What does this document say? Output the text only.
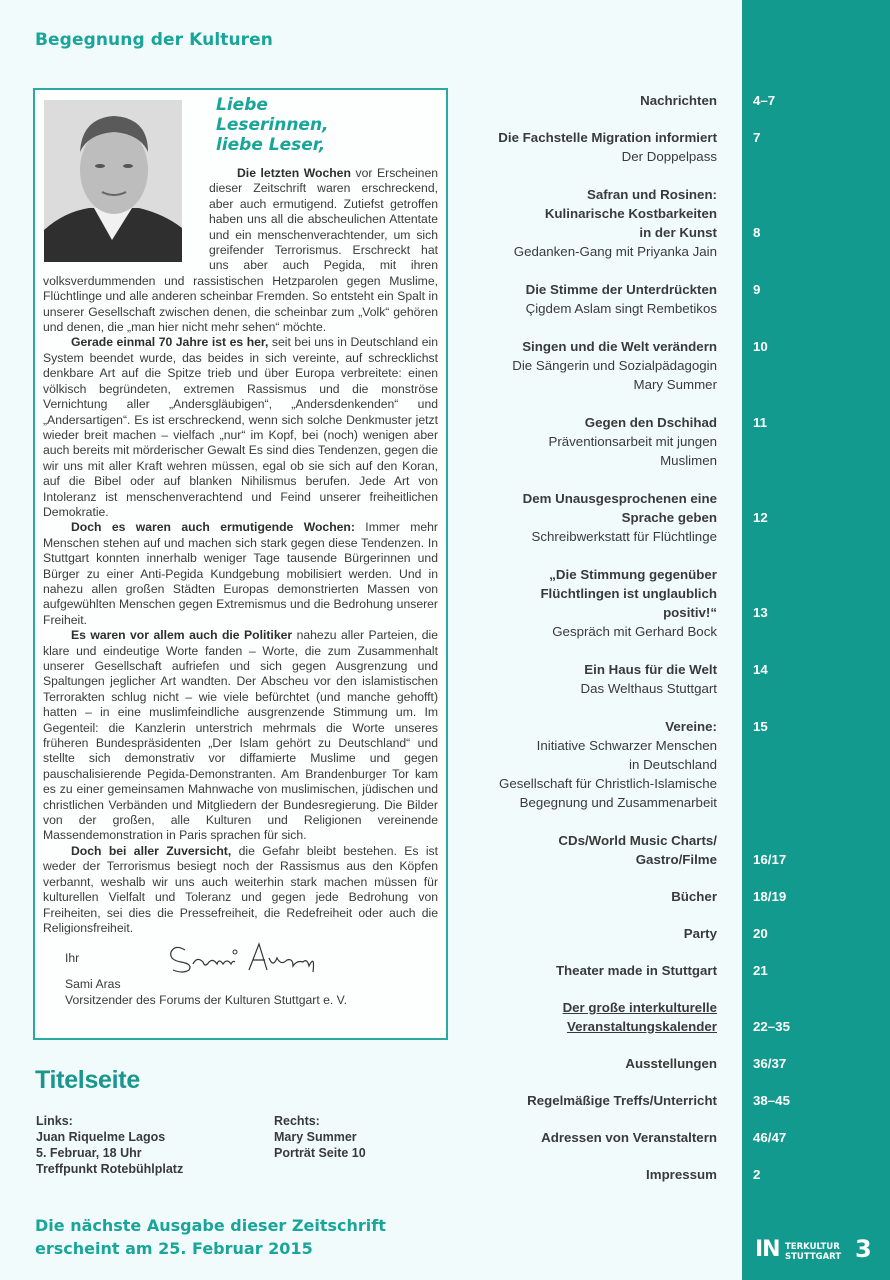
Begegnung der Kulturen
Liebe
Leserinnen,
liebe Leser,

Die letzten Wochen vor Erscheinen dieser Zeitschrift waren erschreckend, aber auch ermutigend. Zutiefst getroffen haben uns all die abscheulichen Attentate und ein menschenverachtender, um sich greifender Terrorismus. Erschreckt hat uns aber auch Pegida, mit ihren volksverdummenden und rassistischen Hetzparolen gegen Muslime, Flüchtlinge und alle anderen scheinbar Fremden. So entsteht ein Spalt in unserer Gesellschaft zwischen denen, die scheinbar zum „Volk“ gehören und denen, die „man hier nicht mehr sehen“ möchte.

Gerade einmal 70 Jahre ist es her, seit bei uns in Deutschland ein System beendet wurde, das beides in sich vereinte, auf schrecklichst denkbare Art auf die Spitze trieb und über Europa verbreitete: einen völkisch begründeten, extremen Rassismus und die monströse Vernichtung aller „Andersgläubigen“, „Andersdenkenden“ und „Andersartigen“. Es ist erschreckend, wenn sich solche Denkmuster jetzt wieder breit machen – vielfach „nur“ im Kopf, bei (noch) wenigen aber auch bereits mit mörderischer Gewalt Es sind dies Tendenzen, gegen die wir uns mit aller Kraft wehren müssen, egal ob sie sich auf den Koran, auf die Bibel oder auf blanken Nihilismus berufen. Jede Art von Intoleranz ist menschenverachtend und Feind unserer freiheitlichen Demokratie.

Doch es waren auch ermutigende Wochen: Immer mehr Menschen stehen auf und machen sich stark gegen diese Tendenzen. In Stuttgart konnten innerhalb weniger Tage tausende Bürgerinnen und Bürger zu einer Anti-Pegida Kundgebung mobilisiert werden. Und in nahezu allen großen Städten Europas demonstrierten Massen von aufgewühlten Menschen gegen Extremismus und die Bedrohung unserer Freiheit.

Es waren vor allem auch die Politiker nahezu aller Parteien, die klare und eindeutige Worte fanden – Worte, die zum Zusammenhalt unserer Gesellschaft aufriefen und sich gegen Ausgrenzung und Spaltungen jeglicher Art wandten. Der Abscheu vor den islamistischen Terrorakten schlug nicht – wie viele befürchtet (und manche gehofft) hatten – in eine muslimfeindliche ausgrenzende Stimmung um. Im Gegenteil: die Kanzlerin unterstrich mehrmals die Worte unseres früheren Bundespräsidenten „Der Islam gehört zu Deutschland“ und stellte sich demonstrativ vor diffamierte Muslime und gegen pauschalisierende Pegida-Demonstranten. Am Brandenburger Tor kam es zu einer gemeinsamen Mahnwache von muslimischen, jüdischen und christlichen Verbänden und Mitgliedern der Bundesregierung. Die Bilder von der großen, alle Kulturen und Religionen vereinende Massendemonstration in Paris sprachen für sich.

Doch bei aller Zuversicht, die Gefahr bleibt bestehen. Es ist weder der Terrorismus besiegt noch der Rassismus aus den Köpfen verbannt, weshalb wir uns auch weiterhin stark machen müssen für kulturellen Vielfalt und Toleranz und gegen jede Bedrohung von Freiheiten, sei dies die Pressefreiheit, die Redefreiheit oder auch die Religionsfreiheit.

Ihr
Sami Aras
Vorsitzender des Forums der Kulturen Stuttgart e. V.
Titelseite
Links:
Juan Riquelme Lagos
5. Februar, 18 Uhr
Treffpunkt Rotebühlplatz
Rechts:
Mary Summer
Porträt Seite 10
Die nächste Ausgabe dieser Zeitschrift
erscheint am 25. Februar 2015
Nachrichten	4–7
Die Fachstelle Migration informiert
Der Doppelpass
7
Safran und Rosinen:
Kulinarische Kostbarkeiten
in der Kunst
Gedanken-Gang mit Priyanka Jain
8
Die Stimme der Unterdrückten
Çigdem Aslam singt Rembetikos
9
Singen und die Welt verändern
Die Sängerin und Sozialpädagogin
Mary Summer
10
Gegen den Dschihad
Präventionsarbeit mit jungen
Muslimen
11
Dem Unausgesprochenen eine
Sprache geben
Schreibwerkstatt für Flüchtlinge
12
„Die Stimmung gegenüber
Flüchtlingen ist unglaublich
positiv!“
Gespräch mit Gerhard Bock
13
Ein Haus für die Welt
Das Welthaus Stuttgart
14
Vereine:
Initiative Schwarzer Menschen
in Deutschland
Gesellschaft für Christlich-Islamische
Begegnung und Zusammenarbeit
15
CDs/World Music Charts/
Gastro/Filme	16/17
Bücher	18/19
Party	20
Theater made in Stuttgart	21
Der große interkulturelle
Veranstaltungskalender	22–35
Ausstellungen	36/37
Regelmäßige Treffs/Unterricht	38–45
Adressen von Veranstaltern	46/47
Impressum	2
IN TERKULTUR
STUTTGART 3
